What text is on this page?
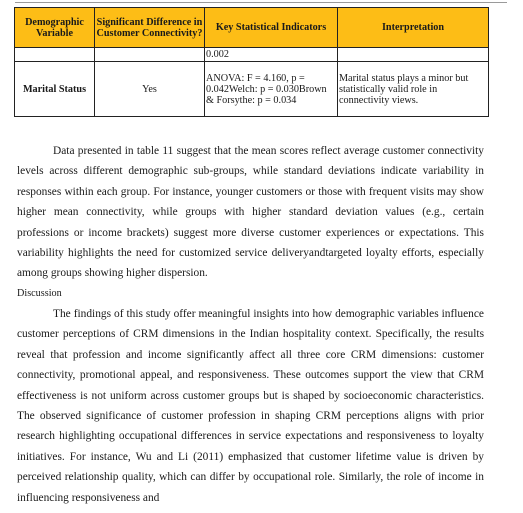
Demographic Variable	Significant Difference in Customer Connectivity?	Key Statistical Indicators	Interpretation
		0.002	
Marital Status	Yes	ANOVA: F = 4.160, p = 0.042Welch: p = 0.030Brown & Forsythe: p = 0.034	Marital status plays a minor but statistically valid role in connectivity views.

Data presented in table 11 suggest that the mean scores reflect average customer connectivity levels across different demographic sub-groups, while standard deviations indicate variability in responses within each group. For instance, younger customers or those with frequent visits may show higher mean connectivity, while groups with higher standard deviation values (e.g., certain professions or income brackets) suggest more diverse customer experiences or expectations. This variability highlights the need for customized service deliveryandtargeted loyalty efforts, especially among groups showing higher dispersion.

Discussion

The findings of this study offer meaningful insights into how demographic variables influence customer perceptions of CRM dimensions in the Indian hospitality context. Specifically, the results reveal that profession and income significantly affect all three core CRM dimensions: customer connectivity, promotional appeal, and responsiveness. These outcomes support the view that CRM effectiveness is not uniform across customer groups but is shaped by socioeconomic characteristics. The observed significance of customer profession in shaping CRM perceptions aligns with prior research highlighting occupational differences in service expectations and responsiveness to loyalty initiatives. For instance, Wu and Li (2011) emphasized that customer lifetime value is driven by perceived relationship quality, which can differ by occupational role. Similarly, the role of income in influencing responsiveness and
